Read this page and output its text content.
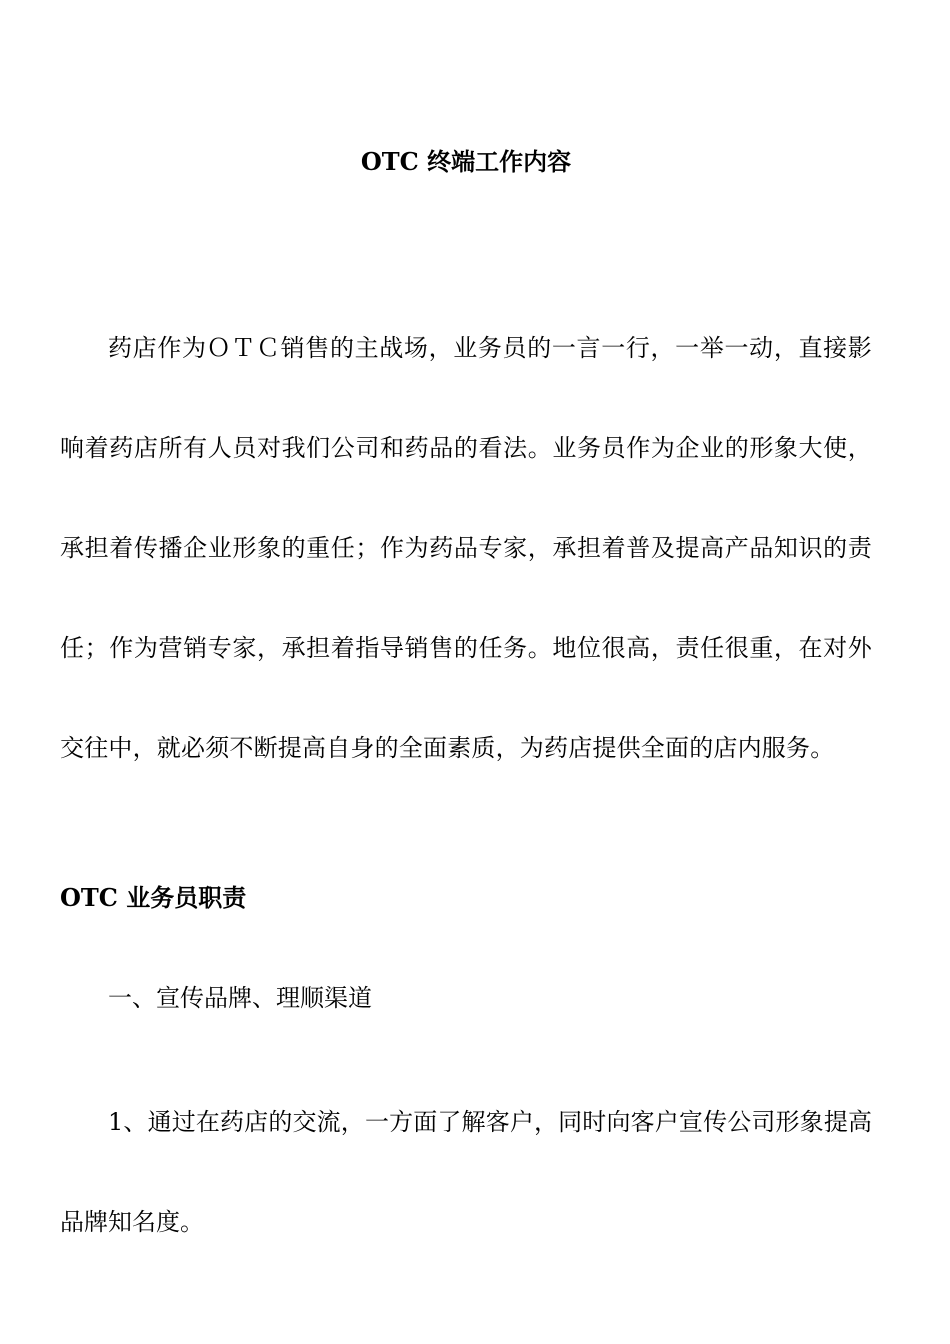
OTC 终端工作内容

药店作为ＯＴＣ销售的主战场，业务员的一言一行，一举一动，直接影响着药店所有人员对我们公司和药品的看法。业务员作为企业的形象大使，承担着传播企业形象的重任；作为药品专家，承担着普及提高产品知识的责任；作为营销专家，承担着指导销售的任务。地位很高，责任很重，在对外交往中，就必须不断提高自身的全面素质，为药店提供全面的店内服务。

OTC 业务员职责

一、宣传品牌、理顺渠道

1、通过在药店的交流，一方面了解客户，同时向客户宣传公司形象提高品牌知名度。
